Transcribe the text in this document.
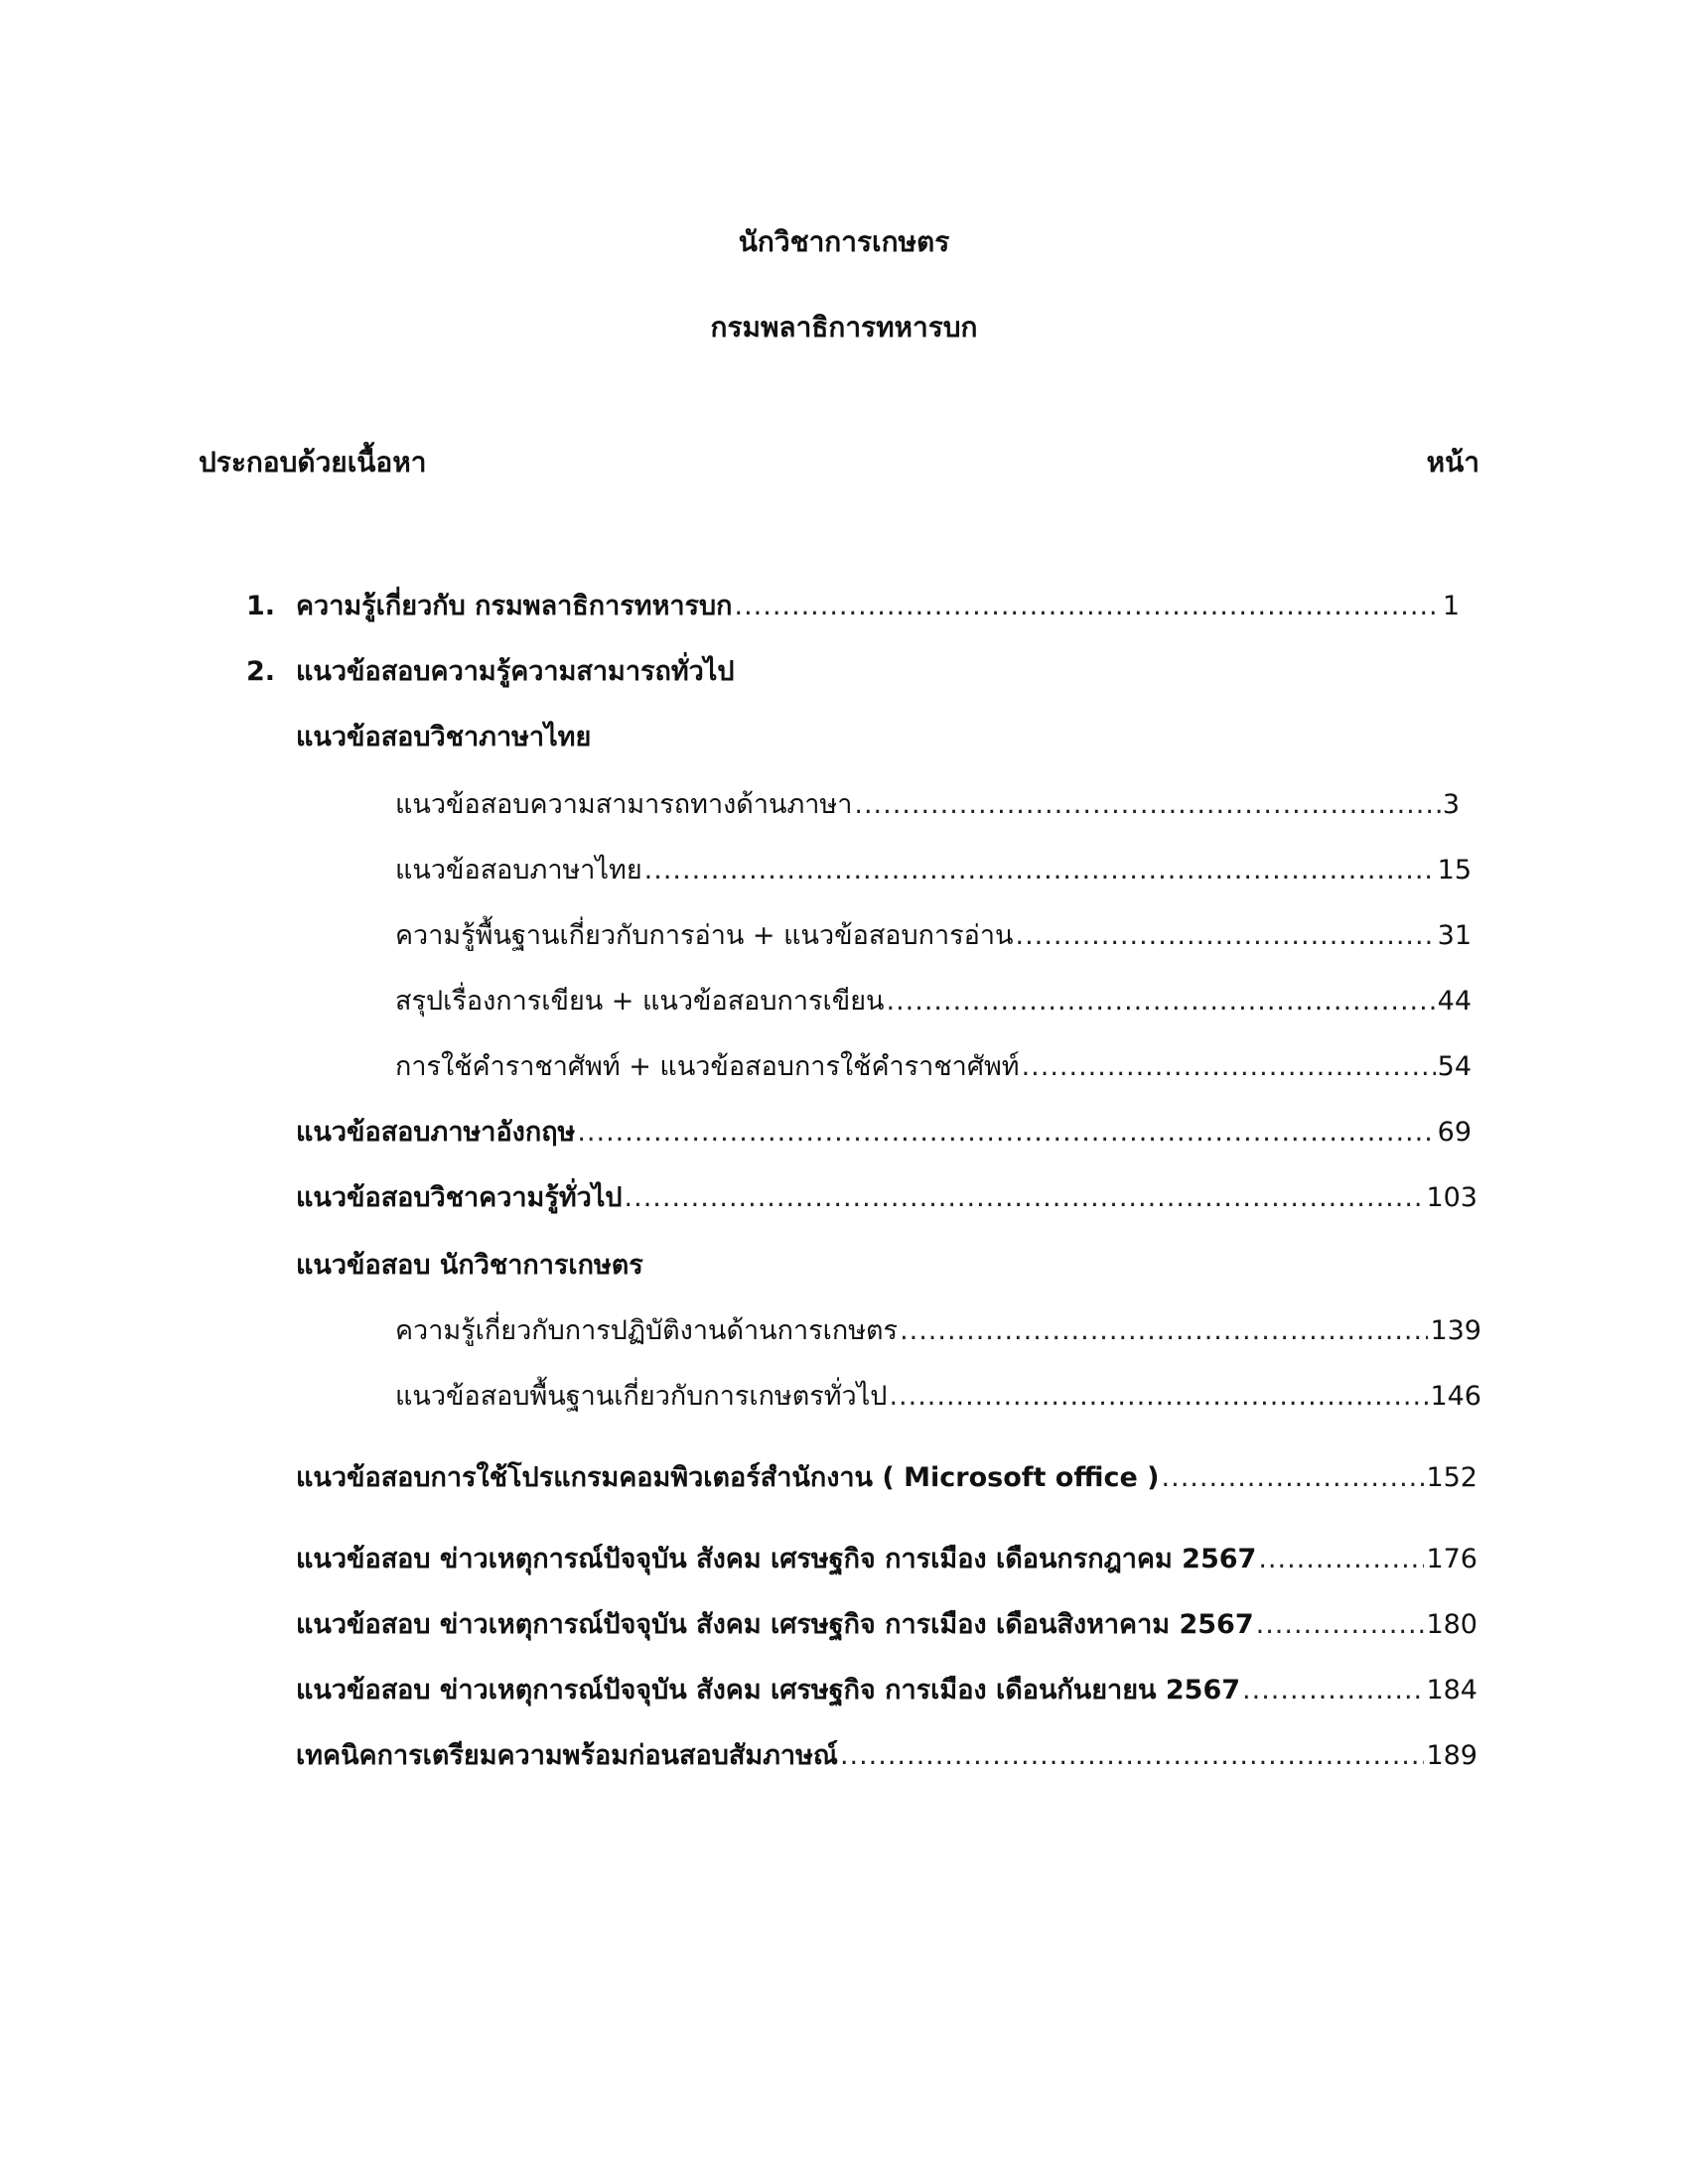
นักวิชาการเกษตร
กรมพลาธิการทหารบก
ประกอบด้วยเนื้อหา	หน้า
1. ความรู้เกี่ยวกับ กรมพลาธิการทหารบก .....	1
2. แนวข้อสอบความรู้ความสามารถทั่วไป
แนวข้อสอบวิชาภาษาไทย
แนวข้อสอบความสามารถทางด้านภาษา .....	3
แนวข้อสอบภาษาไทย .....	15
ความรู้พื้นฐานเกี่ยวกับการอ่าน + แนวข้อสอบการอ่าน .....	31
สรุปเรื่องการเขียน + แนวข้อสอบการเขียน .....	44
การใช้คำราชาศัพท์ + แนวข้อสอบการใช้คำราชาศัพท์ .....	54
แนวข้อสอบภาษาอังกฤษ .....	69
แนวข้อสอบวิชาความรู้ทั่วไป .....	103
แนวข้อสอบ นักวิชาการเกษตร
ความรู้เกี่ยวกับการปฏิบัติงานด้านการเกษตร .....	139
แนวข้อสอบพื้นฐานเกี่ยวกับการเกษตรทั่วไป .....	146
แนวข้อสอบการใช้โปรแกรมคอมพิวเตอร์สำนักงาน ( Microsoft office ) .....	152
แนวข้อสอบ ข่าวเหตุการณ์ปัจจุบัน สังคม เศรษฐกิจ การเมือง เดือนกรกฎาคม 2567 .....	176
แนวข้อสอบ ข่าวเหตุการณ์ปัจจุบัน สังคม เศรษฐกิจ การเมือง เดือนสิงหาคาม 2567 .....	180
แนวข้อสอบ ข่าวเหตุการณ์ปัจจุบัน สังคม เศรษฐกิจ การเมือง เดือนกันยายน 2567 .....	184
เทคนิคการเตรียมความพร้อมก่อนสอบสัมภาษณ์ .....	189
